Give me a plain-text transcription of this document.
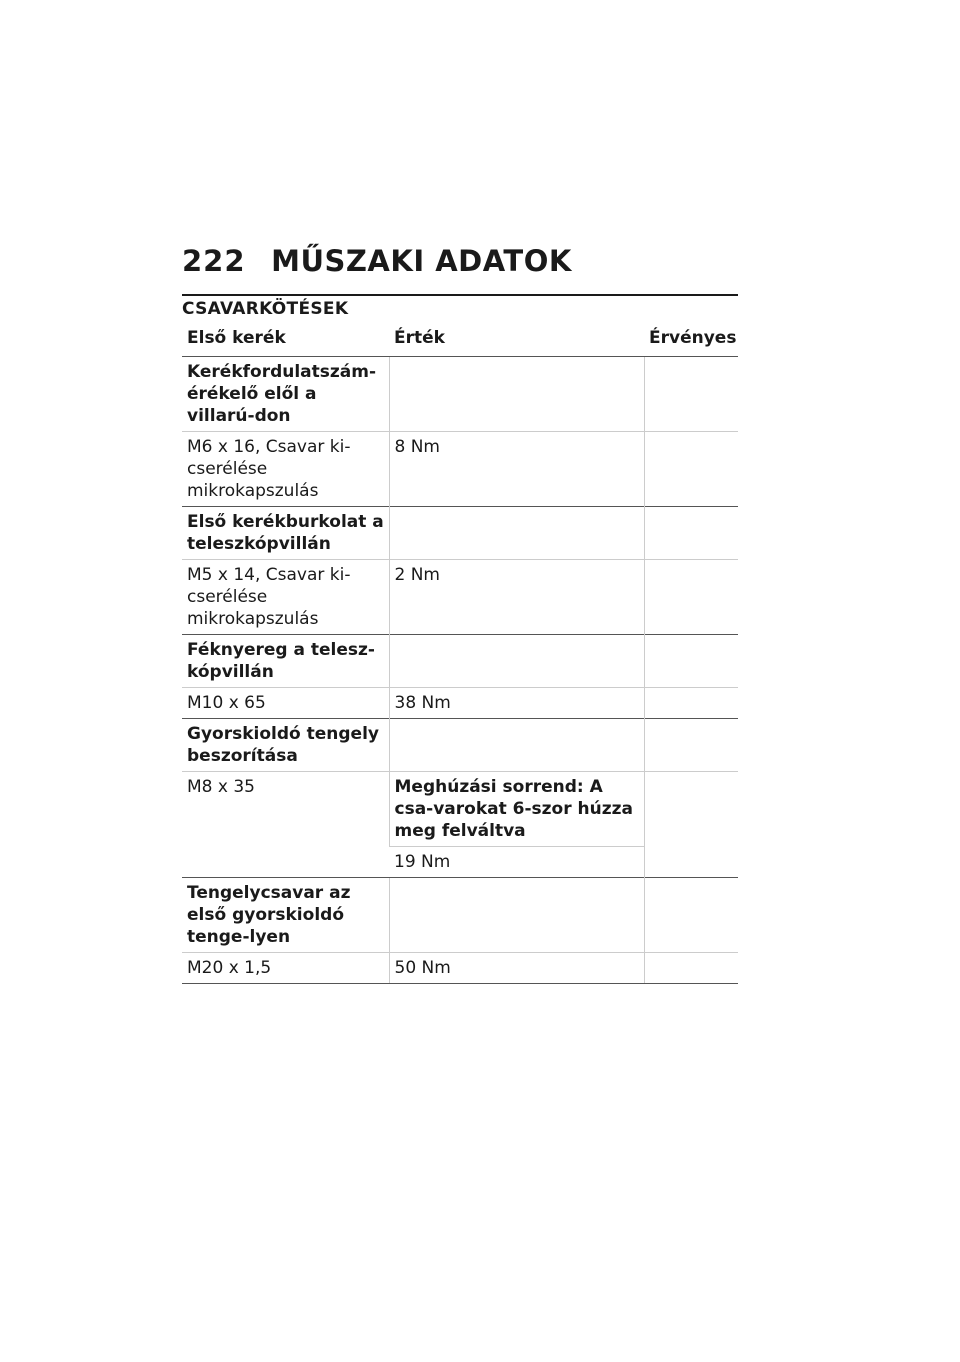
222 MŰSZAKI ADATOK
CSAVARKÖTÉSEK
Első kerék	Érték	Érvényes
Kerékfordulatszám-érékelő elől a villarú-don		
M6 x 16, Csavar ki-cserélése mikrokapszulás	8 Nm	
Első kerékburkolat a teleszkópvillán		
M5 x 14, Csavar ki-cserélése mikrokapszulás	2 Nm	
Féknyereg a telesz-kópvillán		
M10 x 65	38 Nm	
Gyorskioldó tengely beszorítása		
M8 x 35	Meghúzási sorrend: A csa-varokat 6-szor húzza meg felváltva	
	19 Nm	
Tengelycsavar az első gyorskioldó tenge-lyen		
M20 x 1,5	50 Nm	
